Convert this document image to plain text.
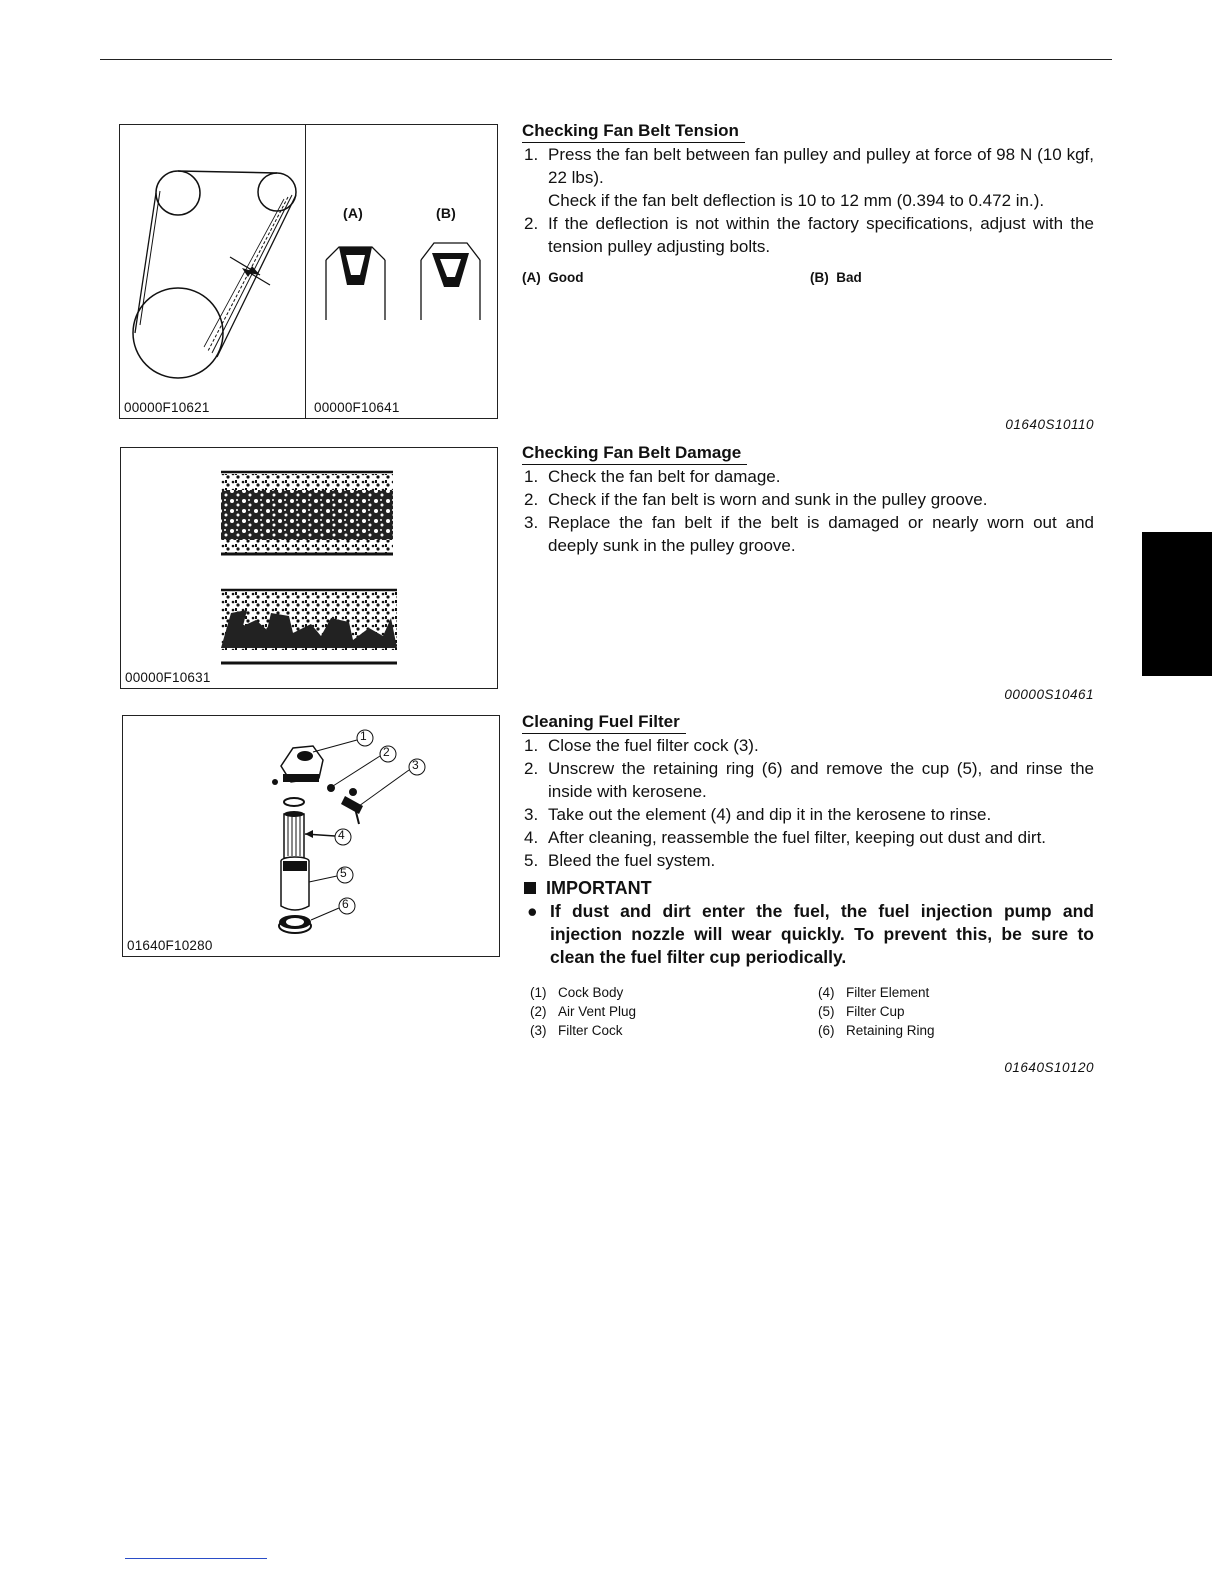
00000F10621
(A)	(B)
00000F10641
00000F10631
1
2
3
4
5
6
01640F10280
Checking Fan Belt Tension
1. Press the fan belt between fan pulley and pulley at force of 98 N (10 kgf, 22 lbs).
Check if the fan belt deflection is 10 to 12 mm (0.394 to 0.472 in.).
2. If the deflection is not within the factory specifications, adjust with the tension pulley adjusting bolts.
(A) Good	(B) Bad
01640S10110
Checking Fan Belt Damage
1. Check the fan belt for damage.
2. Check if the fan belt is worn and sunk in the pulley groove.
3. Replace the fan belt if the belt is damaged or nearly worn out and deeply sunk in the pulley groove.
00000S10461
Cleaning Fuel Filter
1. Close the fuel filter cock (3).
2. Unscrew the retaining ring (6) and remove the cup (5), and rinse the inside with kerosene.
3. Take out the element (4) and dip it in the kerosene to rinse.
4. After cleaning, reassemble the fuel filter, keeping out dust and dirt.
5. Bleed the fuel system.
IMPORTANT
● If dust and dirt enter the fuel, the fuel injection pump and injection nozzle will wear quickly. To prevent this, be sure to clean the fuel filter cup periodically.
(1) Cock Body	(4) Filter Element
(2) Air Vent Plug	(5) Filter Cup
(3) Filter Cock	(6) Retaining Ring
01640S10120
